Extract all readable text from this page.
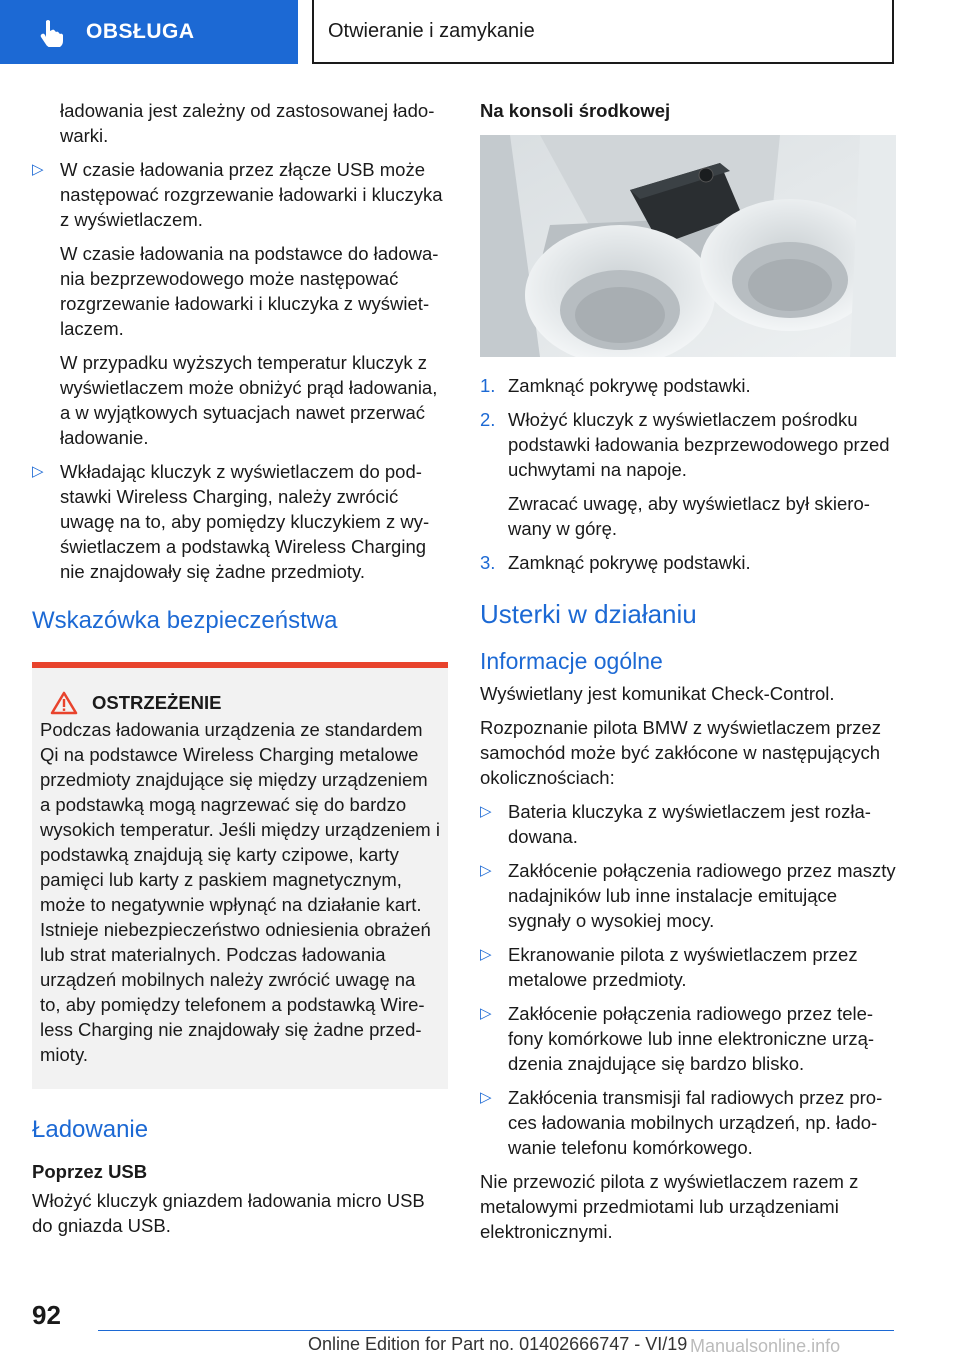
OBSŁUGA	Otwieranie i zamykanie

ładowania jest zależny od zastosowanej ładowarki.

▷ W czasie ładowania przez złącze USB może następować rozgrzewanie ładowarki i kluczyka z wyświetlaczem.

W czasie ładowania na podstawce do ładowania bezprzewodowego może następować rozgrzewanie ładowarki i kluczyka z wyświetlaczem.

W przypadku wyższych temperatur kluczyk z wyświetlaczem może obniżyć prąd ładowania, a w wyjątkowych sytuacjach nawet przerwać ładowanie.

▷ Wkładając kluczyk z wyświetlaczem do podstawki Wireless Charging, należy zwrócić uwagę na to, aby pomiędzy kluczykiem z wyświetlaczem a podstawką Wireless Charging nie znajdowały się żadne przedmioty.

Wskazówka bezpieczeństwa
OSTRZEŻENIE

Podczas ładowania urządzenia ze standardem Qi na podstawce Wireless Charging metalowe przedmioty znajdujące się między urządzeniem a podstawką mogą nagrzewać się do bardzo wysokich temperatur. Jeśli między urządzeniem i podstawką znajdują się karty czipowe, karty pamięci lub karty z paskiem magnetycznym, może to negatywnie wpłynąć na działanie kart. Istnieje niebezpieczeństwo odniesienia obrażeń lub strat materialnych. Podczas ładowania urządzeń mobilnych należy zwrócić uwagę na to, aby pomiędzy telefonem a podstawką Wireless Charging nie znajdowały się żadne przedmioty.

Ładowanie
Poprzez USB

Włożyć kluczyk gniazdem ładowania micro USB do gniazda USB.

Na konsoli środkowej
1. Zamknąć pokrywę podstawki.

2. Włożyć kluczyk z wyświetlaczem pośrodku podstawki ładowania bezprzewodowego przed uchwytami na napoje.

Zwracać uwagę, aby wyświetlacz był skierowany w górę.

3. Zamknąć pokrywę podstawki.

Usterki w działaniu
Informacje ogólne

Wyświetlany jest komunikat Check-Control.

Rozpoznanie pilota BMW z wyświetlaczem przez samochód może być zakłócone w następujących okolicznościach:

▷ Bateria kluczyka z wyświetlaczem jest rozładowana.

▷ Zakłócenie połączenia radiowego przez maszty nadajników lub inne instalacje emitujące sygnały o wysokiej mocy.

▷ Ekranowanie pilota z wyświetlaczem przez metalowe przedmioty.

▷ Zakłócenie połączenia radiowego przez telefony komórkowe lub inne elektroniczne urządzenia znajdujące się bardzo blisko.

▷ Zakłócenia transmisji fal radiowych przez proces ładowania mobilnych urządzeń, np. ładowanie telefonu komórkowego.

Nie przewozić pilota z wyświetlaczem razem z metalowymi przedmiotami lub urządzeniami elektronicznymi.

92
Online Edition for Part no. 01402666747 - VI/19 Manualsonline.info
